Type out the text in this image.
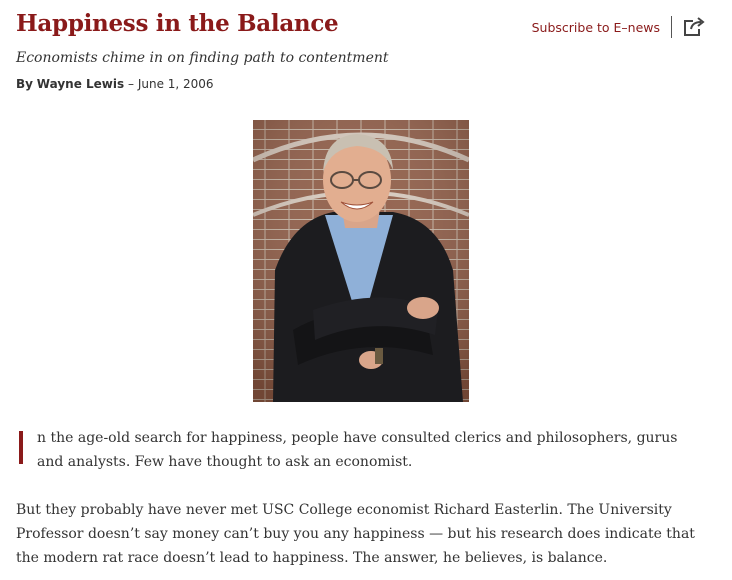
Happiness in the Balance	Subscribe to E–news
Economists chime in on finding path to contentment
By Wayne Lewis – June 1, 2006

n the age-old search for happiness, people have consulted clerics and philosophers, gurus and analysts. Few have thought to ask an economist.

But they probably have never met USC College economist Richard Easterlin. The University Professor doesn’t say money can’t buy you any happiness — but his research does indicate that the modern rat race doesn’t lead to happiness. The answer, he believes, is balance.
